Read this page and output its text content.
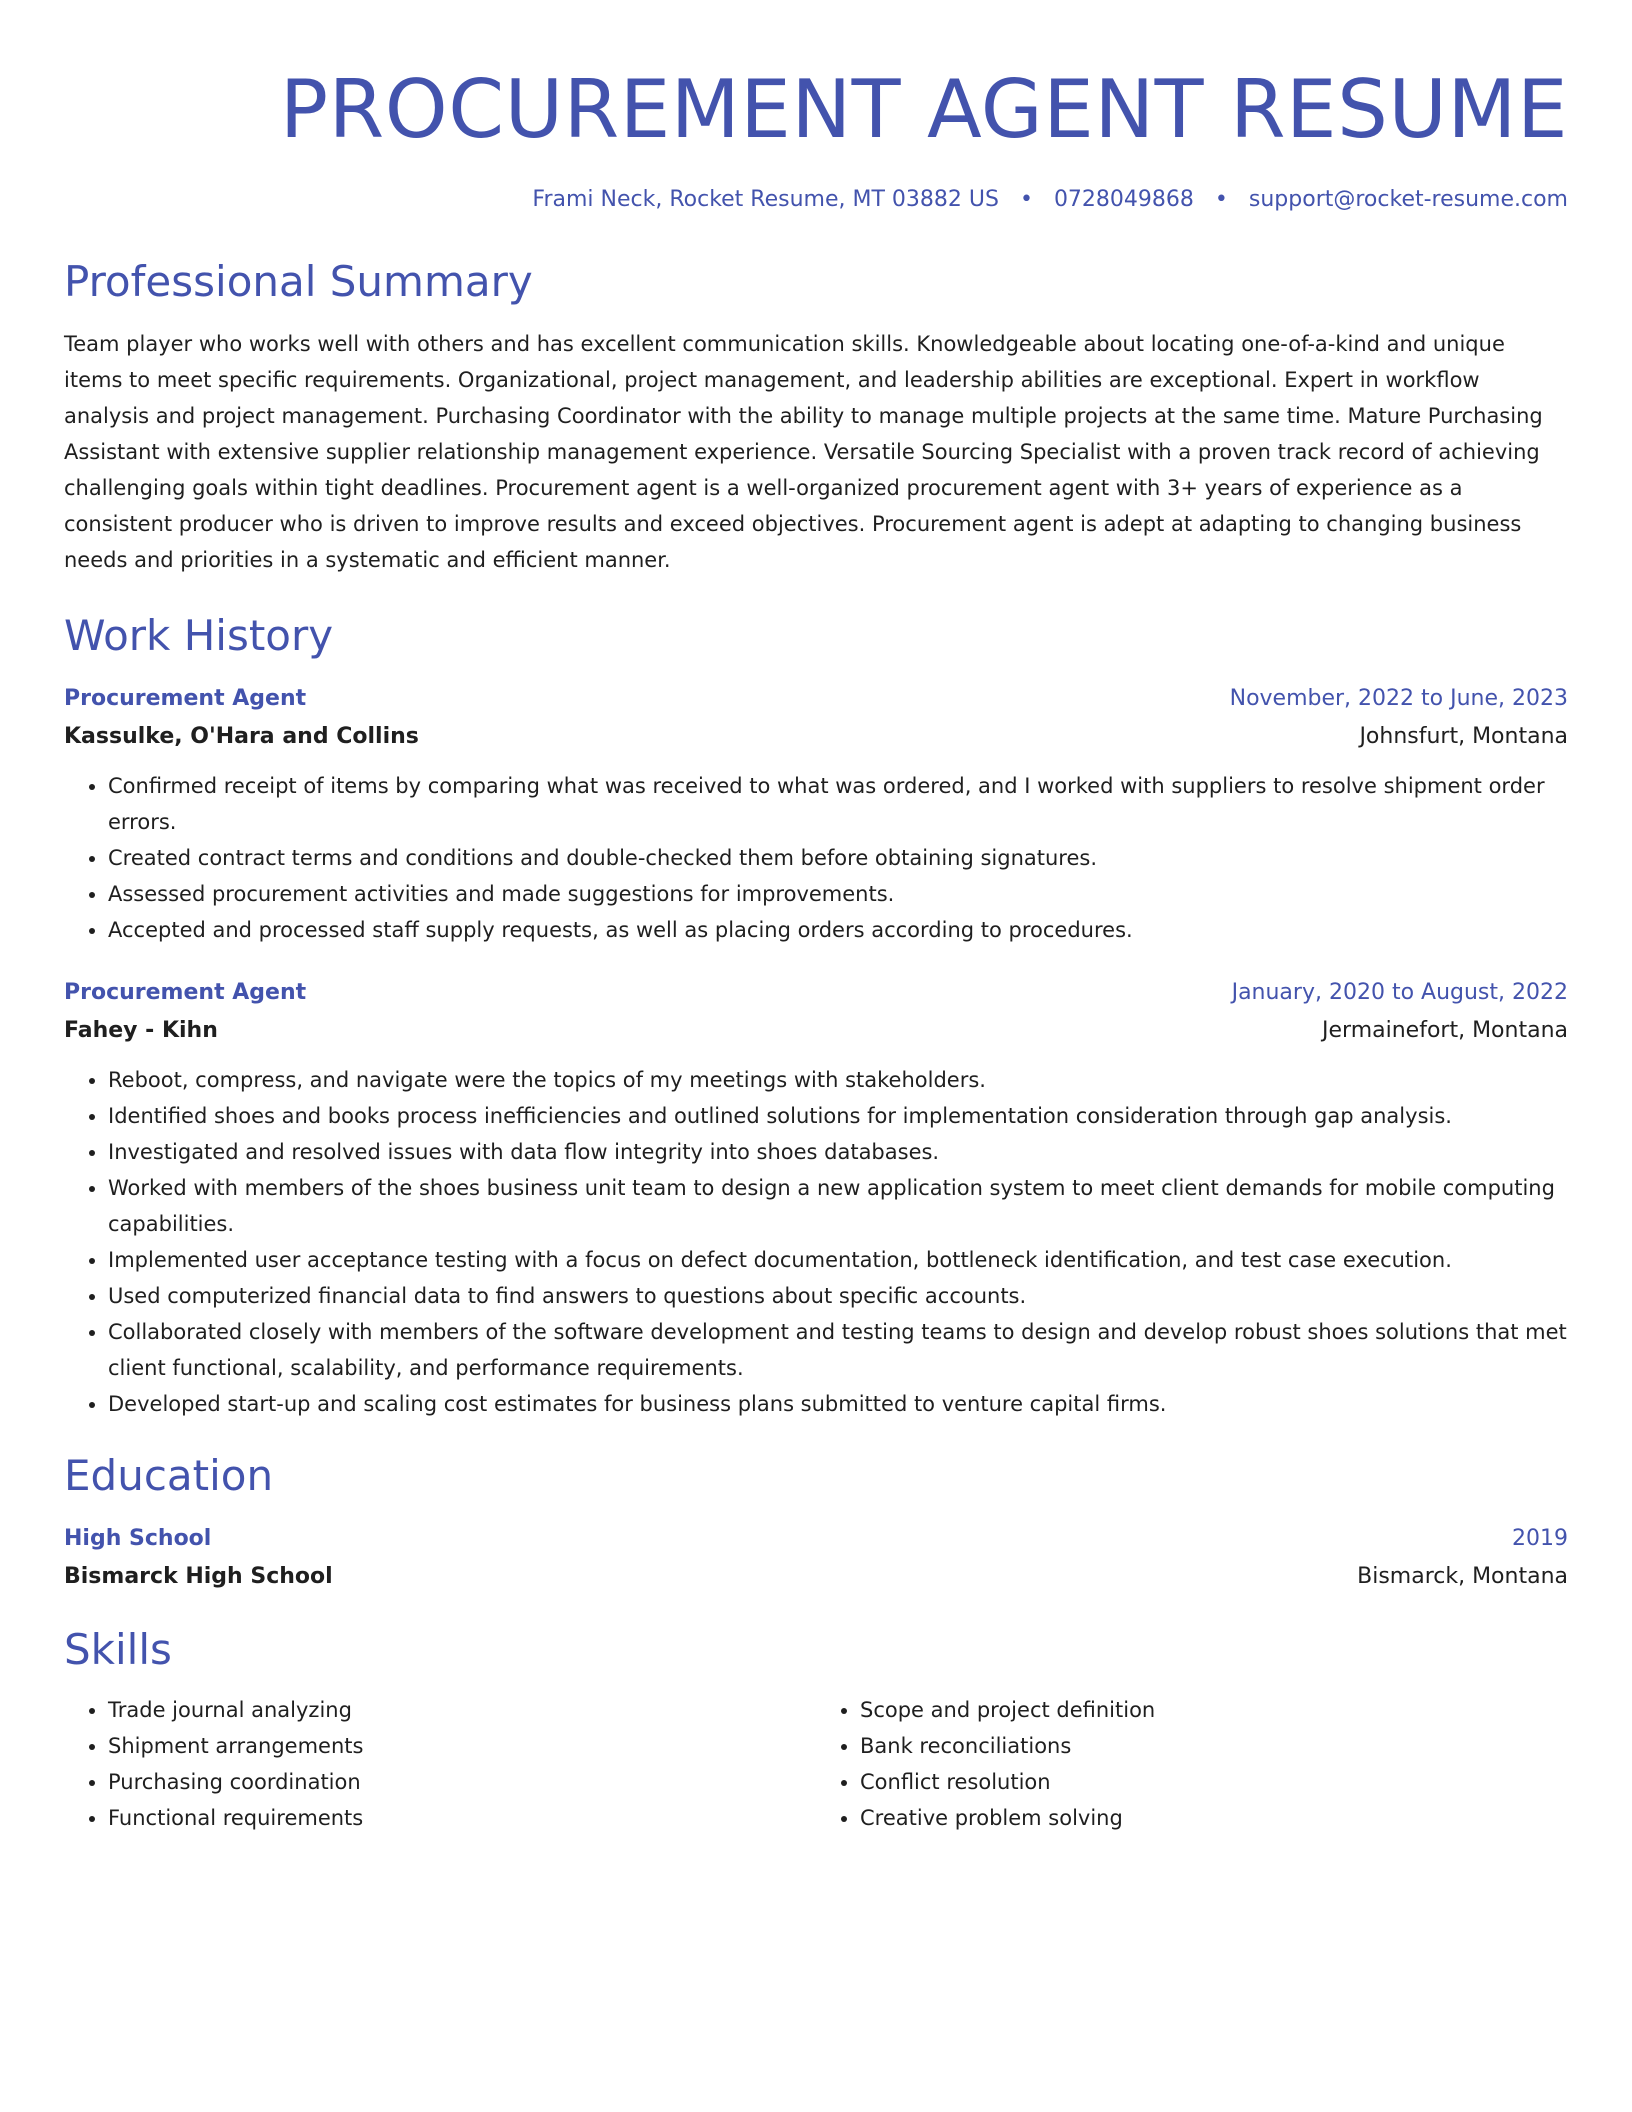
PROCUREMENT AGENT RESUME
Frami Neck, Rocket Resume, MT 03882 US • 0728049868 • support@rocket-resume.com
Professional Summary

Team player who works well with others and has excellent communication skills. Knowledgeable about locating one-of-a-kind and unique items to meet specific requirements. Organizational, project management, and leadership abilities are exceptional. Expert in workflow analysis and project management. Purchasing Coordinator with the ability to manage multiple projects at the same time. Mature Purchasing Assistant with extensive supplier relationship management experience. Versatile Sourcing Specialist with a proven track record of achieving challenging goals within tight deadlines. Procurement agent is a well-organized procurement agent with 3+ years of experience as a consistent producer who is driven to improve results and exceed objectives. Procurement agent is adept at adapting to changing business needs and priorities in a systematic and efficient manner.

Work History
Procurement Agent	November, 2022 to June, 2023
Kassulke, O'Hara and Collins	Johnsfurt, Montana
• Confirmed receipt of items by comparing what was received to what was ordered, and I worked with suppliers to resolve shipment order errors.
• Created contract terms and conditions and double-checked them before obtaining signatures.
• Assessed procurement activities and made suggestions for improvements.
• Accepted and processed staff supply requests, as well as placing orders according to procedures.
Procurement Agent	January, 2020 to August, 2022
Fahey - Kihn	Jermainefort, Montana
• Reboot, compress, and navigate were the topics of my meetings with stakeholders.
• Identified shoes and books process inefficiencies and outlined solutions for implementation consideration through gap analysis.
• Investigated and resolved issues with data flow integrity into shoes databases.
• Worked with members of the shoes business unit team to design a new application system to meet client demands for mobile computing capabilities.
• Implemented user acceptance testing with a focus on defect documentation, bottleneck identification, and test case execution.
• Used computerized financial data to find answers to questions about specific accounts.
• Collaborated closely with members of the software development and testing teams to design and develop robust shoes solutions that met client functional, scalability, and performance requirements.
• Developed start-up and scaling cost estimates for business plans submitted to venture capital firms.
Education
High School	2019
Bismarck High School	Bismarck, Montana
Skills
• Trade journal analyzing
• Shipment arrangements
• Purchasing coordination
• Functional requirements
• Scope and project definition
• Bank reconciliations
• Conflict resolution
• Creative problem solving
